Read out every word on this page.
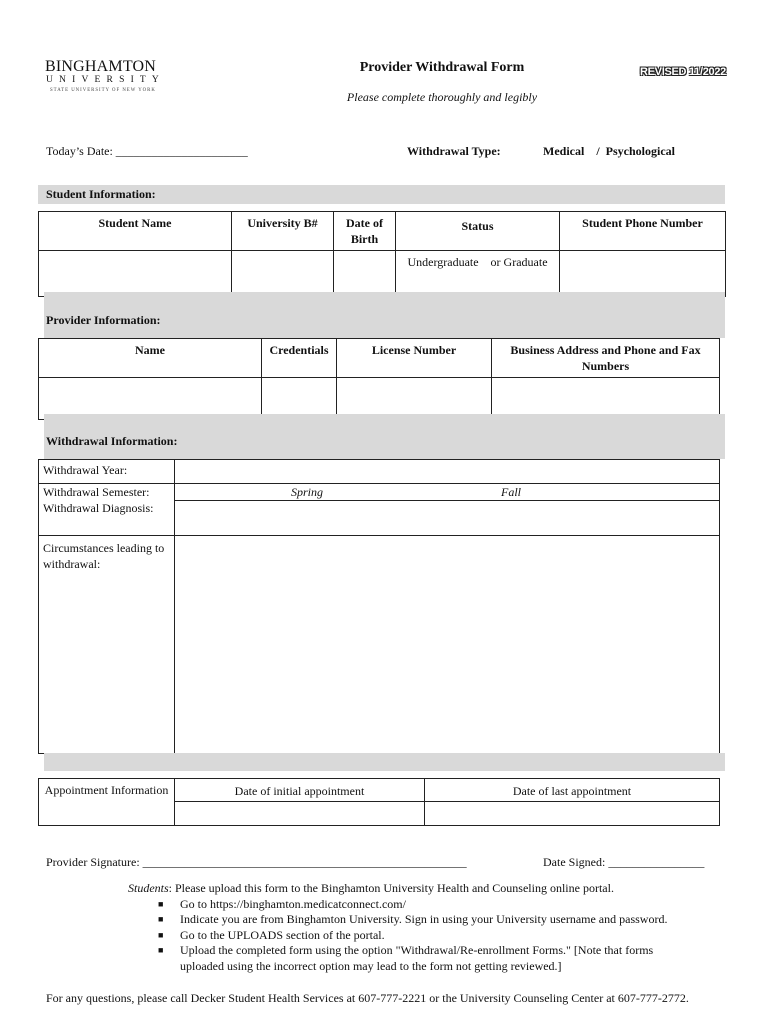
BINGHAMTON
UNIVERSITY
STATE UNIVERSITY OF NEW YORK
Provider Withdrawal Form
Please complete thoroughly and legibly
REVISED 11/2022
Today’s Date: ______________________	Withdrawal Type:	Medical    /  Psychological
Student Information:
Student Name	University B#	Date of Birth	Status	Student Phone Number
			Undergraduate    or Graduate	
Provider Information:
Name	Credentials	License Number	Business Address and Phone and Fax Numbers

Withdrawal Information:
Withdrawal Year:	
Withdrawal Semester:	Spring Fall

Withdrawal Diagnosis:	
Circumstances leading to withdrawal:	
Appointment Information	Date of initial appointment	Date of last appointment

Provider Signature: ______________________________________________________	Date Signed: ________________
Students: Please upload this form to the Binghamton University Health and Counseling online portal.
■ Go to https://binghamton.medicatconnect.com/
■ Indicate you are from Binghamton University. Sign in using your University username and password.
■ Go to the UPLOADS section of the portal.
■ Upload the completed form using the option "Withdrawal/Re-enrollment Forms." [Note that forms uploaded using the incorrect option may lead to the form not getting reviewed.]
For any questions, please call Decker Student Health Services at 607-777-2221 or the University Counseling Center at 607-777-2772.
